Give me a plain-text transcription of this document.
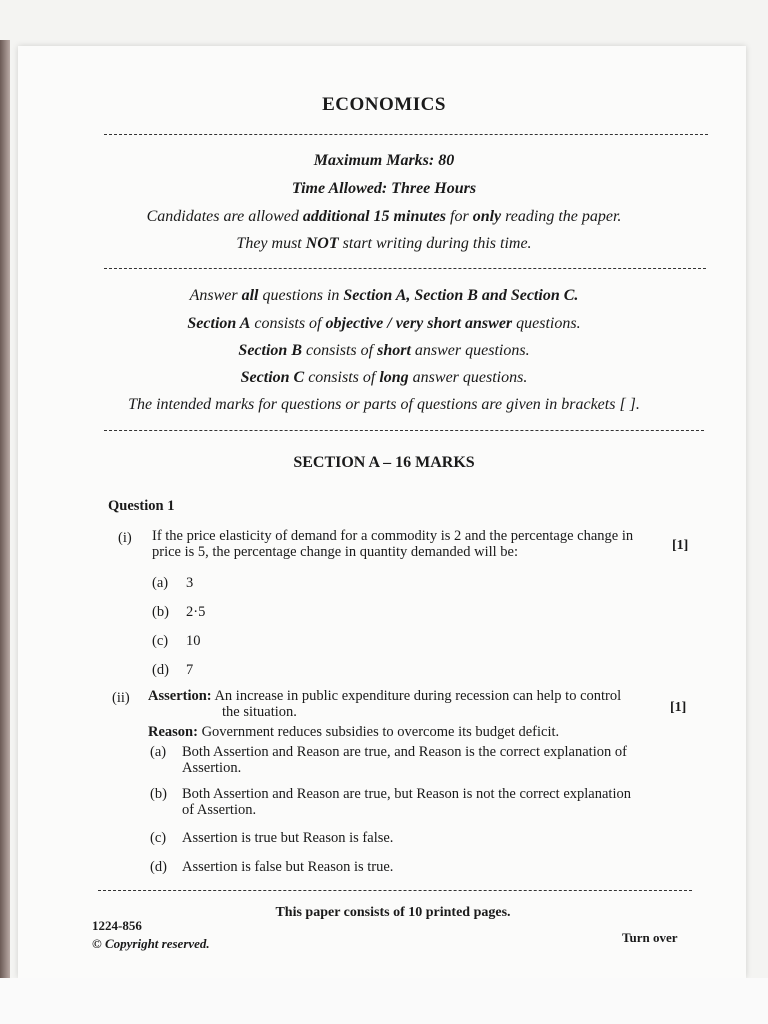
ECONOMICS
Maximum Marks: 80
Time Allowed: Three Hours
Candidates are allowed additional 15 minutes for only reading the paper.
They must NOT start writing during this time.
Answer all questions in Section A, Section B and Section C.
Section A consists of objective / very short answer questions.
Section B consists of short answer questions.
Section C consists of long answer questions.
The intended marks for questions or parts of questions are given in brackets [ ].
SECTION A – 16 MARKS
Question 1
(i) If the price elasticity of demand for a commodity is 2 and the percentage change in
price is 5, the percentage change in quantity demanded will be:	[1]
(a) 3
(b) 2·5
(c) 10
(d) 7
(ii) Assertion: An increase in public expenditure during recession can help to control
the situation.	[1]
Reason: Government reduces subsidies to overcome its budget deficit.
(a) Both Assertion and Reason are true, and Reason is the correct explanation of
Assertion.
(b) Both Assertion and Reason are true, but Reason is not the correct explanation
of Assertion.
(c) Assertion is true but Reason is false.
(d) Assertion is false but Reason is true.
This paper consists of 10 printed pages.
1224-856
© Copyright reserved.	Turn over
